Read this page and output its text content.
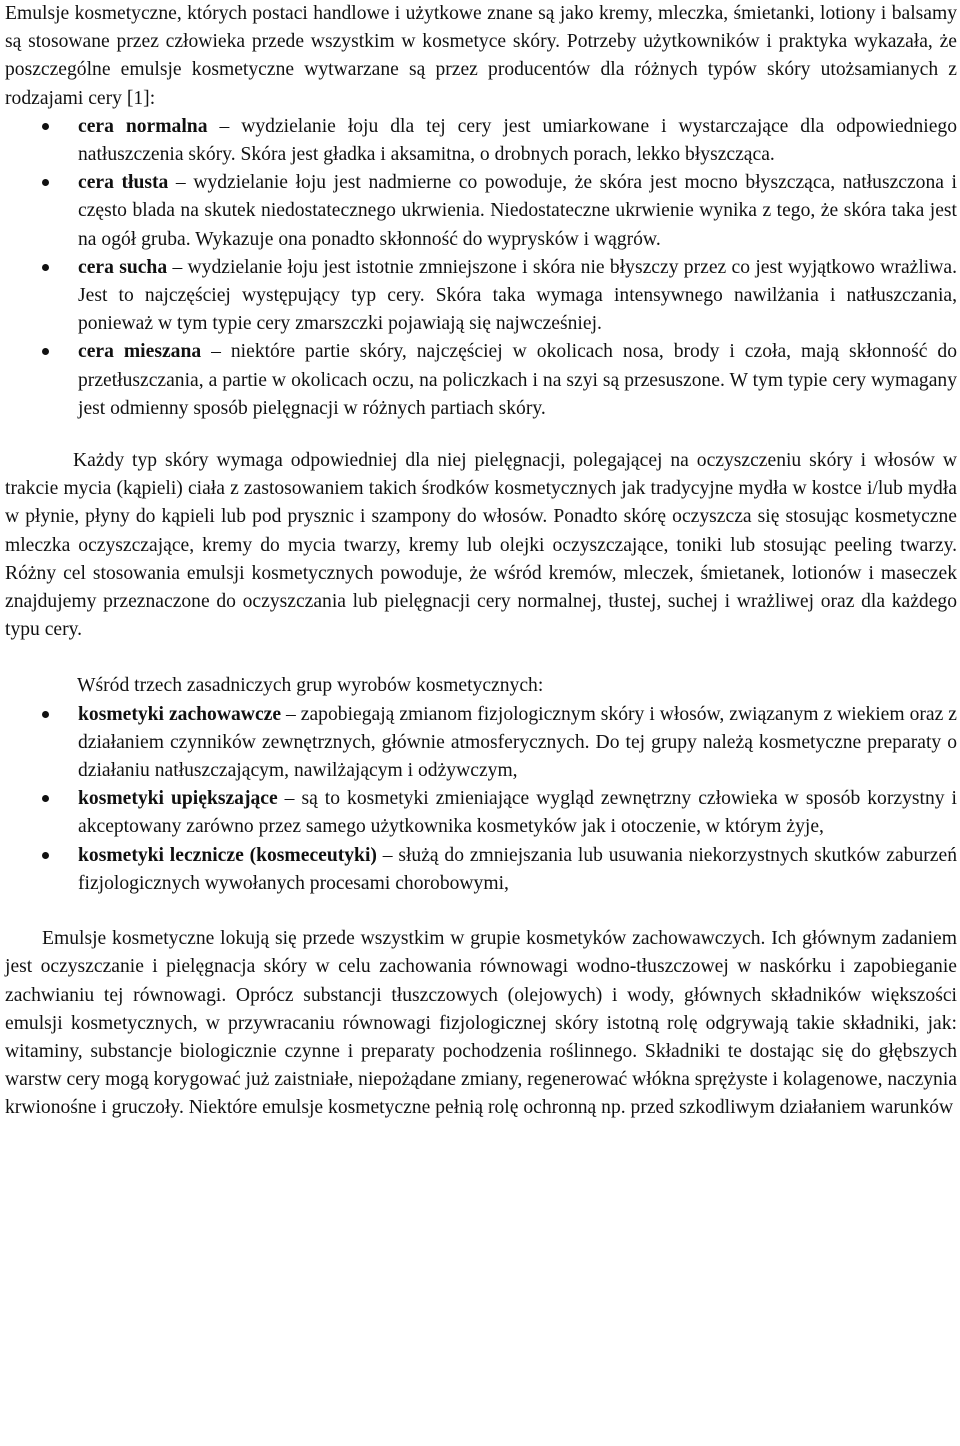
Emulsje kosmetyczne, których postaci handlowe i użytkowe znane są jako kremy, mleczka, śmietanki, lotiony i balsamy są stosowane przez człowieka przede wszystkim w kosmetyce skóry. Potrzeby użytkowników i praktyka wykazała, że poszczególne emulsje kosmetyczne wytwarzane są przez producentów dla różnych typów skóry utożsamianych z rodzajami cery [1]:

cera normalna – wydzielanie łoju dla tej cery jest umiarkowane i wystarczające dla odpowiedniego natłuszczenia skóry. Skóra jest gładka i aksamitna, o drobnych porach, lekko błyszcząca.
cera tłusta – wydzielanie łoju jest nadmierne co powoduje, że skóra jest mocno błyszcząca, natłuszczona i często blada na skutek niedostatecznego ukrwienia. Niedostateczne ukrwienie wynika z tego, że skóra taka jest na ogół gruba. Wykazuje ona ponadto skłonność do wyprysków i wągrów.
cera sucha – wydzielanie łoju jest istotnie zmniejszone i skóra nie błyszczy przez co jest wyjątkowo wrażliwa. Jest to najczęściej występujący typ cery. Skóra taka wymaga intensywnego nawilżania i natłuszczania, ponieważ w tym typie cery zmarszczki pojawiają się najwcześniej.
cera mieszana – niektóre partie skóry, najczęściej w okolicach nosa, brody i czoła, mają skłonność do przetłuszczania, a partie w okolicach oczu, na policzkach i na szyi są przesuszone. W tym typie cery wymagany jest odmienny sposób pielęgnacji w różnych partiach skóry.

Każdy typ skóry wymaga odpowiedniej dla niej pielęgnacji, polegającej na oczyszczeniu skóry i włosów w trakcie mycia (kąpieli) ciała z zastosowaniem takich środków kosmetycznych jak tradycyjne mydła w kostce i/lub mydła w płynie, płyny do kąpieli lub pod prysznic i szampony do włosów. Ponadto skórę oczyszcza się stosując kosmetyczne mleczka oczyszczające, kremy do mycia twarzy, kremy lub olejki oczyszczające, toniki lub stosując peeling twarzy. Różny cel stosowania emulsji kosmetycznych powoduje, że wśród kremów, mleczek, śmietanek, lotionów i maseczek znajdujemy przeznaczone do oczyszczania lub pielęgnacji cery normalnej, tłustej, suchej i wrażliwej oraz dla każdego typu cery.

Wśród trzech zasadniczych grup wyrobów kosmetycznych:

kosmetyki zachowawcze – zapobiegają zmianom fizjologicznym skóry i włosów, związanym z wiekiem oraz z działaniem czynników zewnętrznych, głównie atmosferycznych. Do tej grupy należą kosmetyczne preparaty o działaniu natłuszczającym, nawilżającym i odżywczym,
kosmetyki upiększające – są to kosmetyki zmieniające wygląd zewnętrzny człowieka w sposób korzystny i akceptowany zarówno przez samego użytkownika kosmetyków jak i otoczenie, w którym żyje,
kosmetyki lecznicze (kosmeceutyki) – służą do zmniejszania lub usuwania niekorzystnych skutków zaburzeń fizjologicznych wywołanych procesami chorobowymi,

Emulsje kosmetyczne lokują się przede wszystkim w grupie kosmetyków zachowawczych. Ich głównym zadaniem jest oczyszczanie i pielęgnacja skóry w celu zachowania równowagi wodno-tłuszczowej w naskórku i zapobieganie zachwianiu tej równowagi. Oprócz substancji tłuszczowych (olejowych) i wody, głównych składników większości emulsji kosmetycznych, w przywracaniu równowagi fizjologicznej skóry istotną rolę odgrywają takie składniki, jak: witaminy, substancje biologicznie czynne i preparaty pochodzenia roślinnego. Składniki te dostając się do głębszych warstw cery mogą korygować już zaistniałe, niepożądane zmiany, regenerować włókna sprężyste i kolagenowe, naczynia krwionośne i gruczoły. Niektóre emulsje kosmetyczne pełnią rolę ochronną np. przed szkodliwym działaniem warunków
